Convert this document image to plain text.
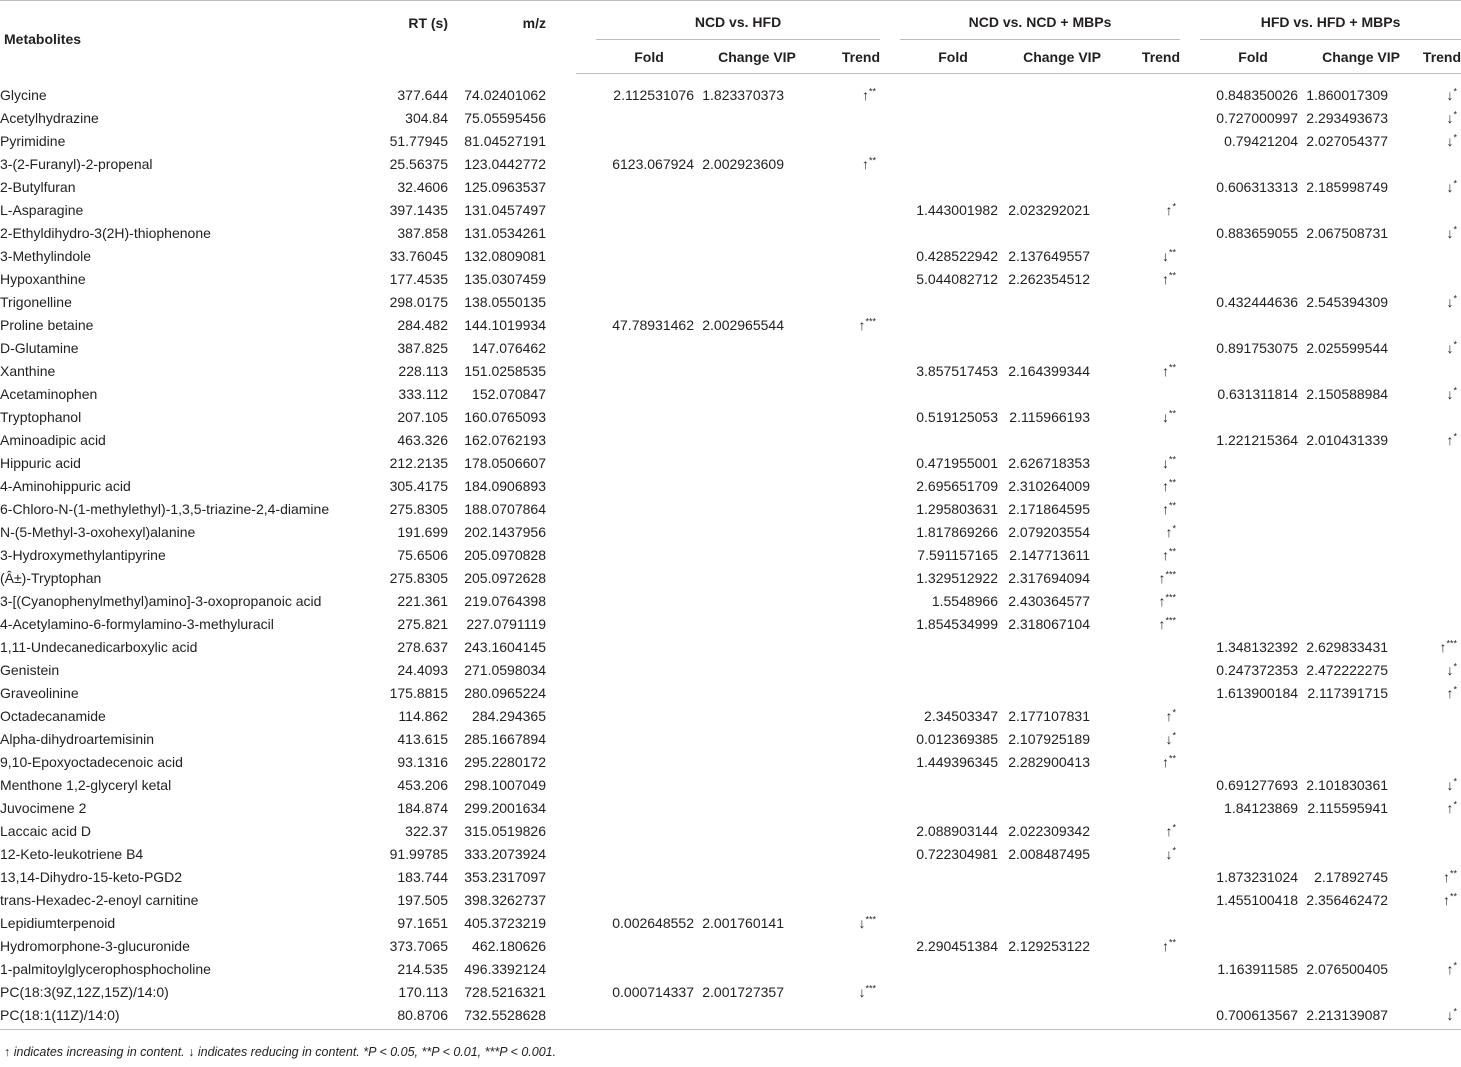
Metabolites	RT (s)	m/z		NCD vs. HFD				NCD vs. NCD + MBPs				HFD vs. HFD + MBPs		
				Fold	Change VIP	Trend		Fold	Change VIP	Trend		Fold	Change VIP	Trend
Glycine	377.644	74.02401062		2.112531076	1.823370373	↑**						0.848350026	1.860017309	↓*
Acetylhydrazine	304.84	75.05595456										0.727000997	2.293493673	↓*
Pyrimidine	51.77945	81.04527191										0.79421204	2.027054377	↓*
3-(2-Furanyl)-2-propenal	25.56375	123.0442772		6123.067924	2.002923609	↑**								
2-Butylfuran	32.4606	125.0963537										0.606313313	2.185998749	↓*
L-Asparagine	397.1435	131.0457497						1.443001982	2.023292021	↑*				
2-Ethyldihydro-3(2H)-thiophenone	387.858	131.0534261										0.883659055	2.067508731	↓*
3-Methylindole	33.76045	132.0809081						0.428522942	2.137649557	↓**				
Hypoxanthine	177.4535	135.0307459						5.044082712	2.262354512	↑**				
Trigonelline	298.0175	138.0550135										0.432444636	2.545394309	↓*
Proline betaine	284.482	144.1019934		47.78931462	2.002965544	↑***								
D-Glutamine	387.825	147.076462										0.891753075	2.025599544	↓*
Xanthine	228.113	151.0258535						3.857517453	2.164399344	↑**				
Acetaminophen	333.112	152.070847										0.631311814	2.150588984	↓*
Tryptophanol	207.105	160.0765093						0.519125053	2.115966193	↓**				
Aminoadipic acid	463.326	162.0762193										1.221215364	2.010431339	↑*
Hippuric acid	212.2135	178.0506607						0.471955001	2.626718353	↓**				
4-Aminohippuric acid	305.4175	184.0906893						2.695651709	2.310264009	↑**				
6-Chloro-N-(1-methylethyl)-1,3,5-triazine-2,4-diamine	275.8305	188.0707864						1.295803631	2.171864595	↑**				
N-(5-Methyl-3-oxohexyl)alanine	191.699	202.1437956						1.817869266	2.079203554	↑*				
3-Hydroxymethylantipyrine	75.6506	205.0970828						7.591157165	2.147713611	↑**				
(Â±)-Tryptophan	275.8305	205.0972628						1.329512922	2.317694094	↑***				
3-[(Cyanophenylmethyl)amino]-3-oxopropanoic acid	221.361	219.0764398						1.5548966	2.430364577	↑***				
4-Acetylamino-6-formylamino-3-methyluracil	275.821	227.0791119						1.854534999	2.318067104	↑***				
1,11-Undecanedicarboxylic acid	278.637	243.1604145										1.348132392	2.629833431	↑***
Genistein	24.4093	271.0598034										0.247372353	2.472222275	↓*
Graveolinine	175.8815	280.0965224										1.613900184	2.117391715	↑*
Octadecanamide	114.862	284.294365						2.34503347	2.177107831	↑*				
Alpha-dihydroartemisinin	413.615	285.1667894						0.012369385	2.107925189	↓*				
9,10-Epoxyoctadecenoic acid	93.1316	295.2280172						1.449396345	2.282900413	↑**				
Menthone 1,2-glyceryl ketal	453.206	298.1007049										0.691277693	2.101830361	↓*
Juvocimene 2	184.874	299.2001634										1.84123869	2.115595941	↑*
Laccaic acid D	322.37	315.0519826						2.088903144	2.022309342	↑*				
12-Keto-leukotriene B4	91.99785	333.2073924						0.722304981	2.008487495	↓*				
13,14-Dihydro-15-keto-PGD2	183.744	353.2317097										1.873231024	2.17892745	↑**
trans-Hexadec-2-enoyl carnitine	197.505	398.3262737										1.455100418	2.356462472	↑**
Lepidiumterpenoid	97.1651	405.3723219		0.002648552	2.001760141	↓***								
Hydromorphone-3-glucuronide	373.7065	462.180626						2.290451384	2.129253122	↑**				
1-palmitoylglycerophosphocholine	214.535	496.3392124										1.163911585	2.076500405	↑*
PC(18:3(9Z,12Z,15Z)/14:0)	170.113	728.5216321		0.000714337	2.001727357	↓***								
PC(18:1(11Z)/14:0)	80.8706	732.5528628										0.700613567	2.213139087	↓*
↑ indicates increasing in content. ↓ indicates reducing in content. *P < 0.05, **P < 0.01, ***P < 0.001.
